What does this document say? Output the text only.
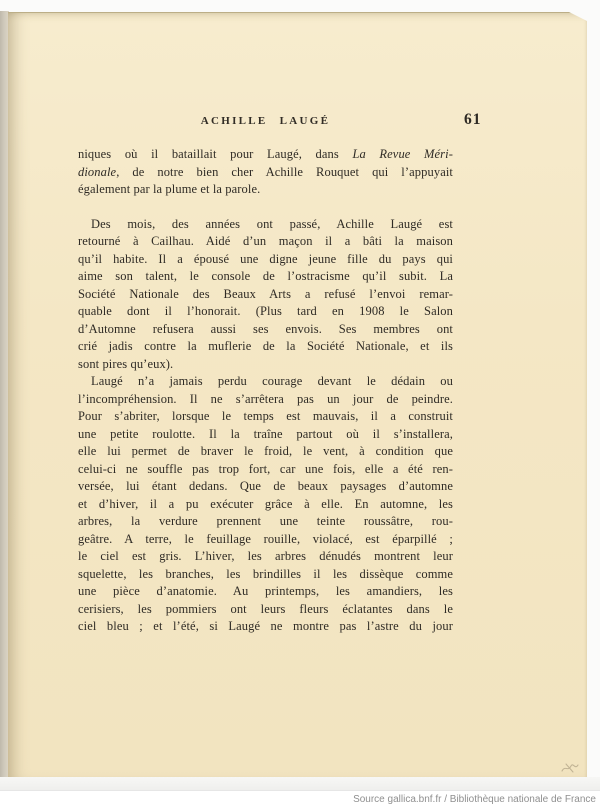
ACHILLE LAUGÉ	61
niques où il bataillait pour Laugé, dans La Revue Méri-
dionale, de notre bien cher Achille Rouquet qui l’appuyait
également par la plume et la parole.
Des mois, des années ont passé, Achille Laugé est
retourné à Cailhau. Aidé d’un maçon il a bâti la maison
qu’il habite. Il a épousé une digne jeune fille du pays qui
aime son talent, le console de l’ostracisme qu’il subit. La
Société Nationale des Beaux Arts a refusé l’envoi remar-
quable dont il l’honorait. (Plus tard en 1908 le Salon
d’Automne refusera aussi ses envois. Ses membres ont
crié jadis contre la muflerie de la Société Nationale, et ils
sont pires qu’eux).
Laugé n’a jamais perdu courage devant le dédain ou
l’incompréhension. Il ne s’arrêtera pas un jour de peindre.
Pour s’abriter, lorsque le temps est mauvais, il a construit
une petite roulotte. Il la traîne partout où il s’installera,
elle lui permet de braver le froid, le vent, à condition que
celui-ci ne souffle pas trop fort, car une fois, elle a été ren-
versée, lui étant dedans. Que de beaux paysages d’automne
et d’hiver, il a pu exécuter grâce à elle. En automne, les
arbres, la verdure prennent une teinte roussâtre, rou-
geâtre. A terre, le feuillage rouille, violacé, est éparpillé ;
le ciel est gris. L’hiver, les arbres dénudés montrent leur
squelette, les branches, les brindilles il les dissèque comme
une pièce d’anatomie. Au printemps, les amandiers, les
cerisiers, les pommiers ont leurs fleurs éclatantes dans le
ciel bleu ; et l’été, si Laugé ne montre pas l’astre du jour
Source gallica.bnf.fr / Bibliothèque nationale de France
